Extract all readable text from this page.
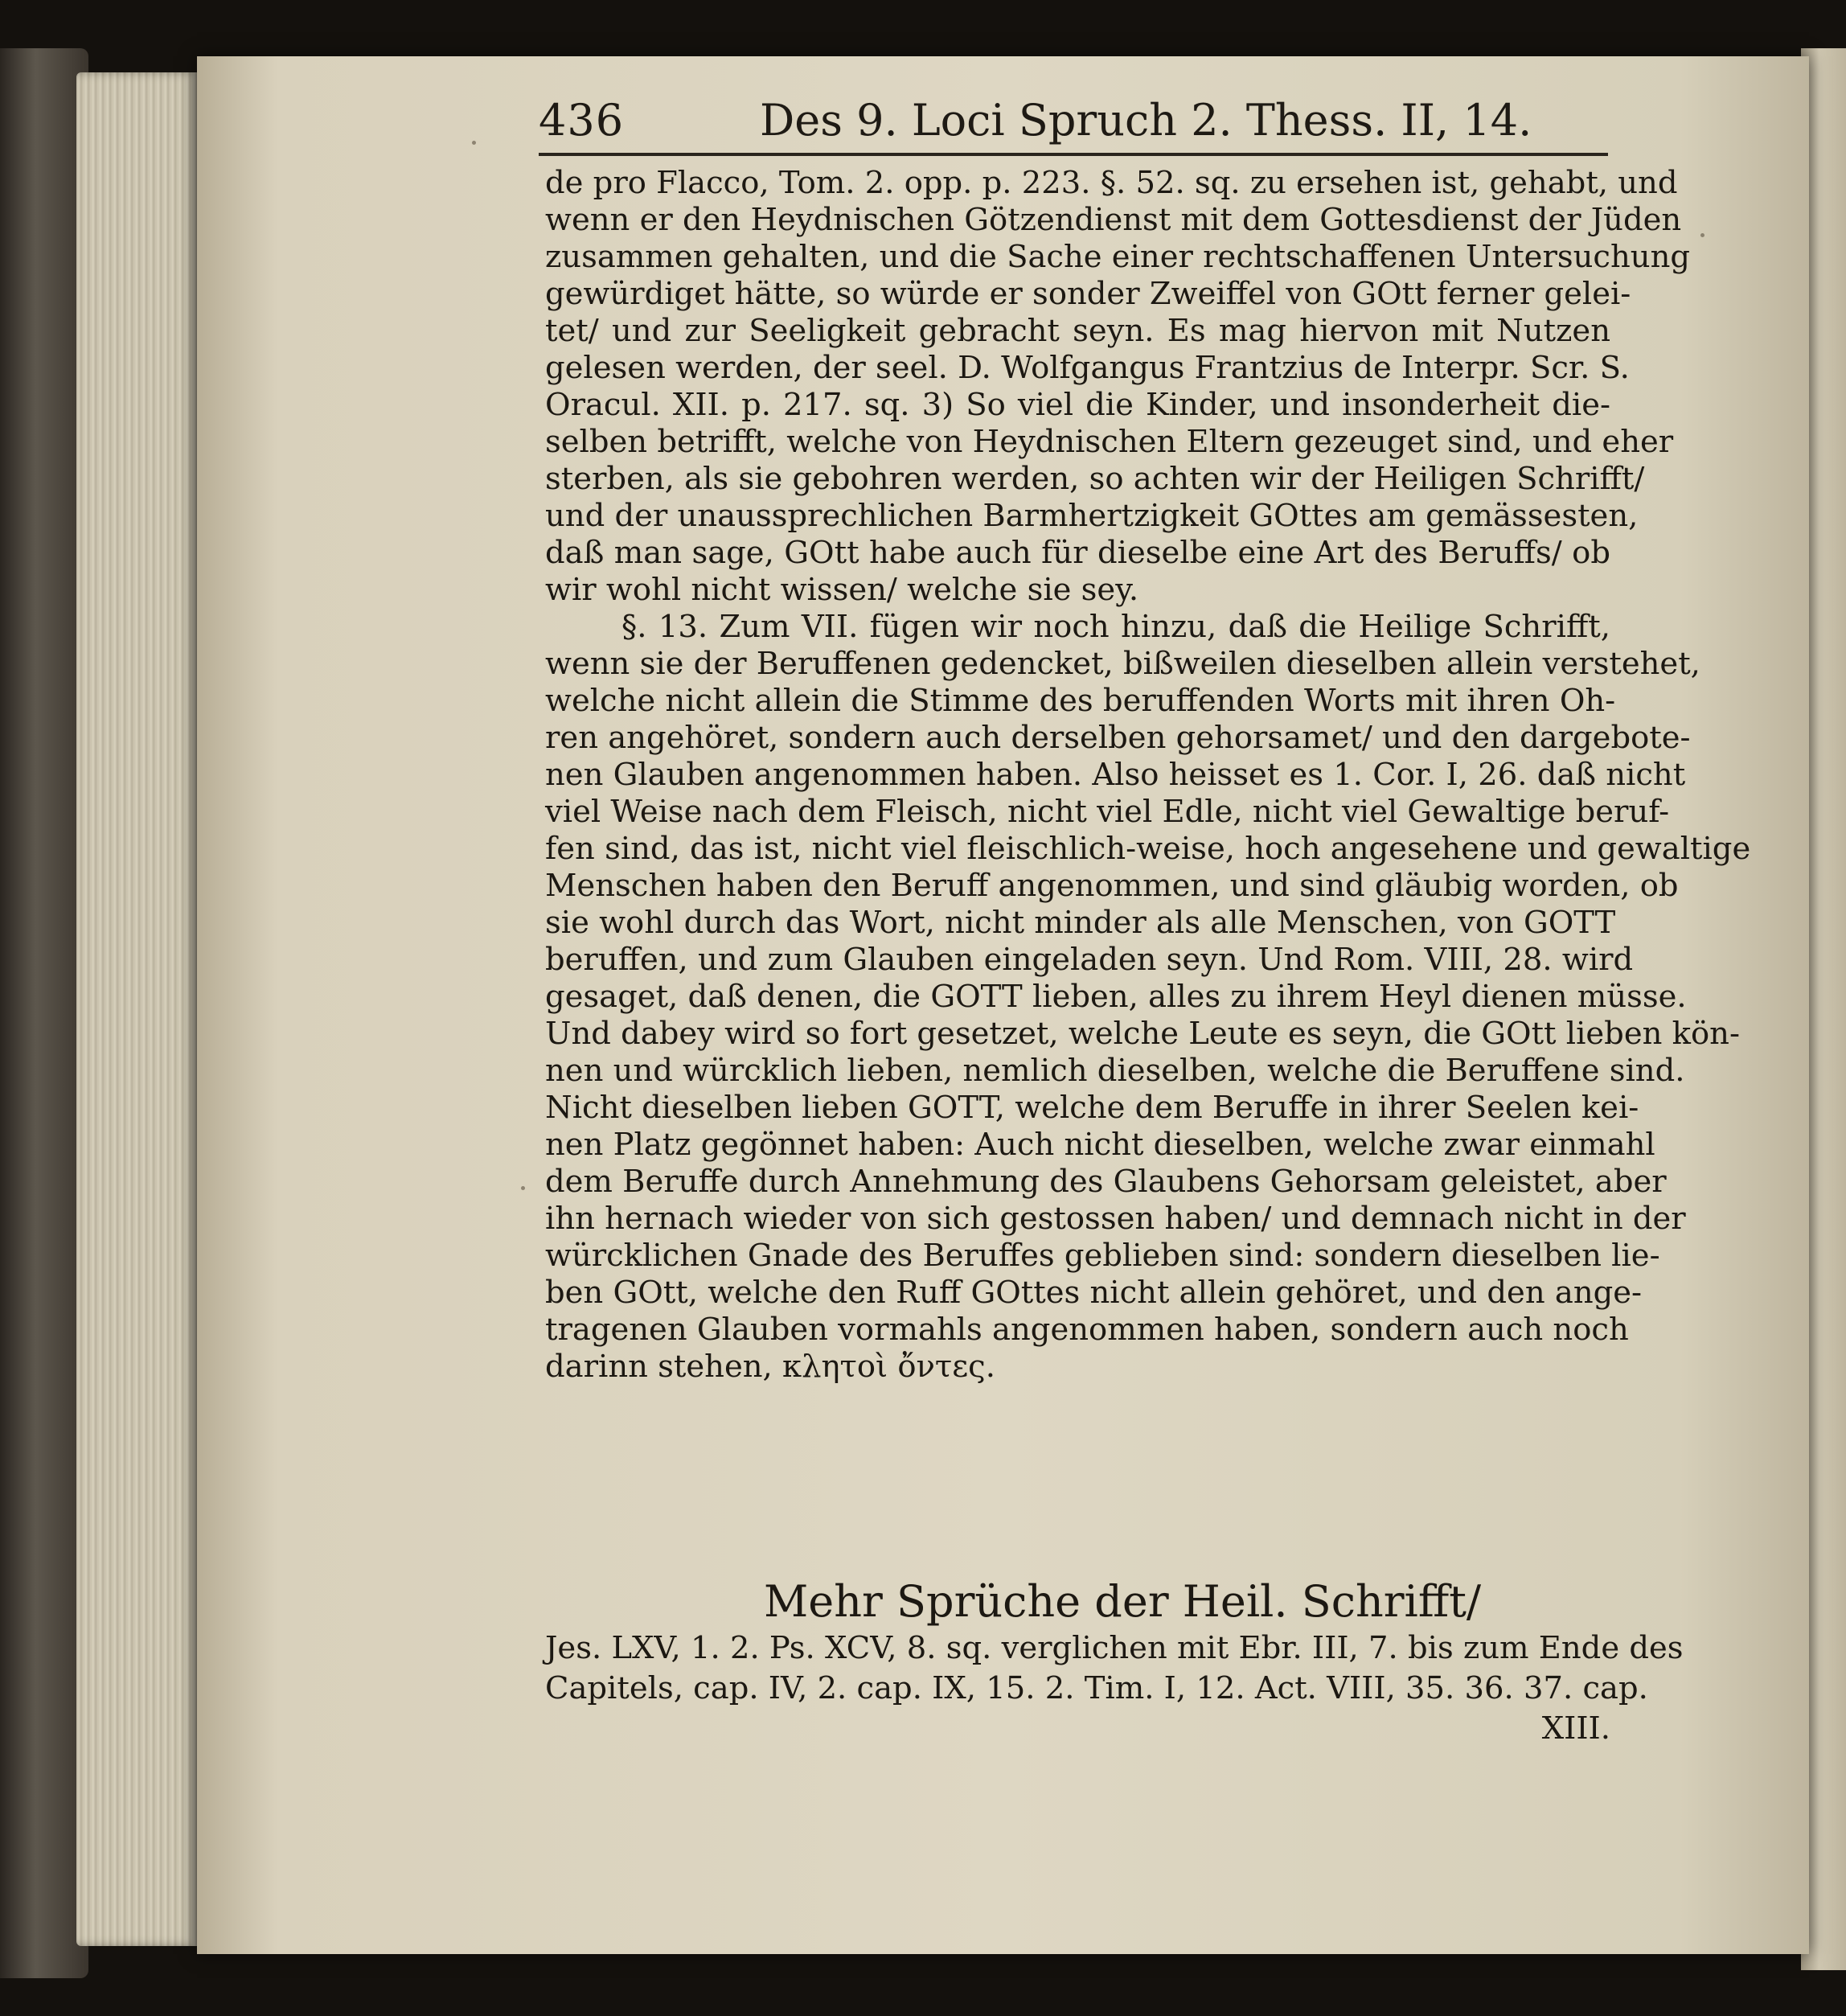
436	Des 9. Loci Spruch 2. Thess. II, 14.
de pro Flacco, Tom. 2. opp. p. 223. §. 52. sq. zu ersehen ist, gehabt, und
wenn er den Heydnischen Götzendienst mit dem Gottesdienst der Jüden
zusammen gehalten, und die Sache einer rechtschaffenen Untersuchung
gewürdiget hätte, so würde er sonder Zweiffel von GOtt ferner gelei-
tet/ und zur Seeligkeit gebracht seyn. Es mag hiervon mit Nutzen
gelesen werden, der seel. D. Wolfgangus Frantzius de Interpr. Scr. S.
Oracul. XII. p. 217. sq. 3) So viel die Kinder, und insonderheit die-
selben betrifft, welche von Heydnischen Eltern gezeuget sind, und eher
sterben, als sie gebohren werden, so achten wir der Heiligen Schrifft/
und der unaussprechlichen Barmhertzigkeit GOttes am gemässesten,
daß man sage, GOtt habe auch für dieselbe eine Art des Beruffs/ ob
wir wohl nicht wissen/ welche sie sey.
§. 13. Zum VII. fügen wir noch hinzu, daß die Heilige Schrifft,
wenn sie der Beruffenen gedencket, bißweilen dieselben allein verstehet,
welche nicht allein die Stimme des beruffenden Worts mit ihren Oh-
ren angehöret, sondern auch derselben gehorsamet/ und den dargebote-
nen Glauben angenommen haben. Also heisset es 1. Cor. I, 26. daß nicht
viel Weise nach dem Fleisch, nicht viel Edle, nicht viel Gewaltige beruf-
fen sind, das ist, nicht viel fleischlich-weise, hoch angesehene und gewaltige
Menschen haben den Beruff angenommen, und sind gläubig worden, ob
sie wohl durch das Wort, nicht minder als alle Menschen, von GOTT
beruffen, und zum Glauben eingeladen seyn. Und Rom. VIII, 28. wird
gesaget, daß denen, die GOTT lieben, alles zu ihrem Heyl dienen müsse.
Und dabey wird so fort gesetzet, welche Leute es seyn, die GOtt lieben kön-
nen und würcklich lieben, nemlich dieselben, welche die Beruffene sind.
Nicht dieselben lieben GOTT, welche dem Beruffe in ihrer Seelen kei-
nen Platz gegönnet haben: Auch nicht dieselben, welche zwar einmahl
dem Beruffe durch Annehmung des Glaubens Gehorsam geleistet, aber
ihn hernach wieder von sich gestossen haben/ und demnach nicht in der
würcklichen Gnade des Beruffes geblieben sind: sondern dieselben lie-
ben GOtt, welche den Ruff GOttes nicht allein gehöret, und den ange-
tragenen Glauben vormahls angenommen haben, sondern auch noch
darinn stehen, κλητοὶ ὄντες.
Mehr Sprüche der Heil. Schrifft/
Jes. LXV, 1. 2. Ps. XCV, 8. sq. verglichen mit Ebr. III, 7. bis zum Ende des
Capitels, cap. IV, 2. cap. IX, 15. 2. Tim. I, 12. Act. VIII, 35. 36. 37. cap.
XIII.
